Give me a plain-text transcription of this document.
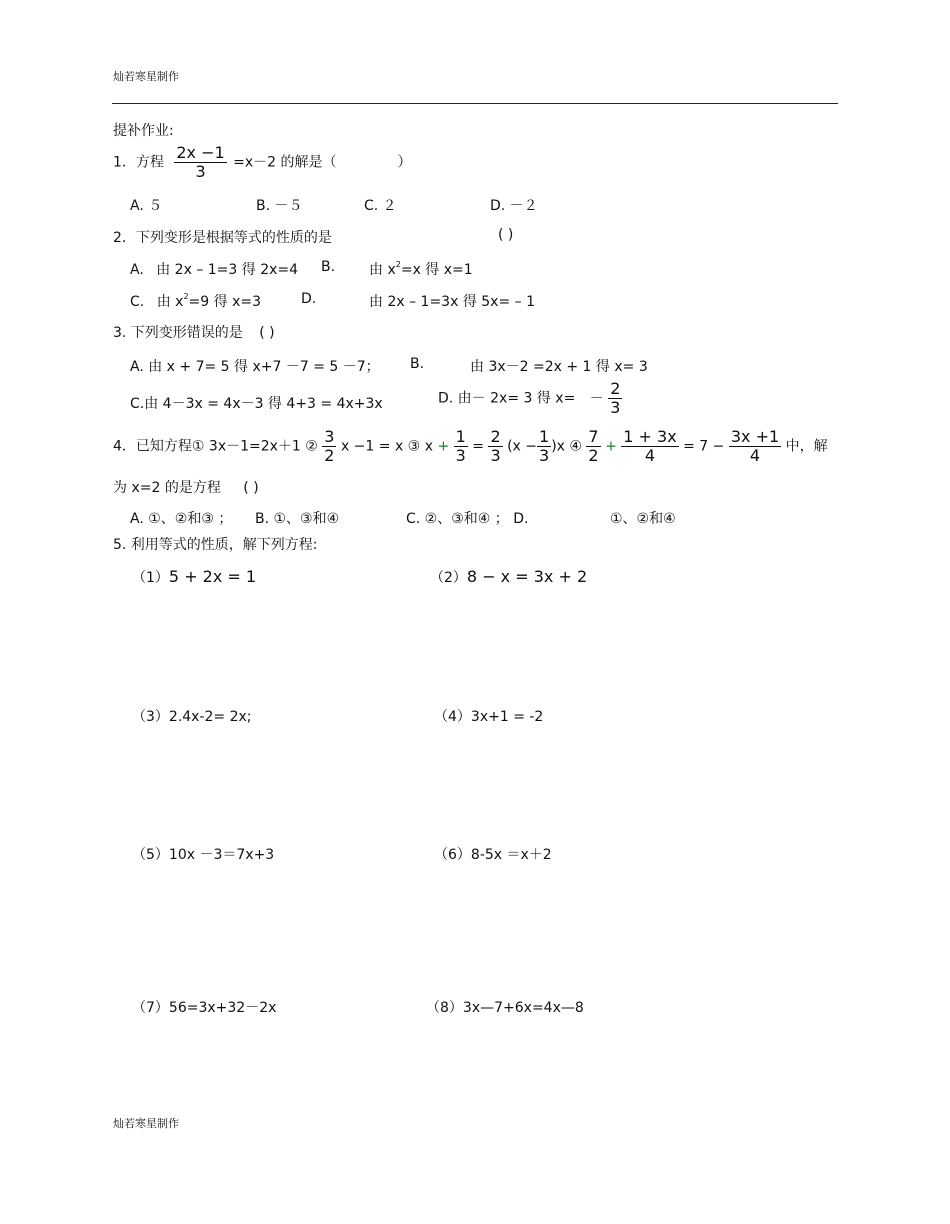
灿若寒星制作
提补作业:
1．方程 $\frac{2x -1}{3} =x-2$ 的解是（	）
A. ５	B. －５	C. ２	D. －２
2．下列变形是根据等式的性质的是	( )
A. 由 2x – 1=3 得 2x=4 B. 由 $x^2=x$ 得 x=1
C. 由 $x^2=9$ 得 x=3	D.	由 2x – 1=3x 得 5x= – 1
3. 下列变形错误的是 ( )
A. 由 x + 7= 5 得 x+7 －7 = 5 －7； B.	由 3x－2 =2x + 1 得 x= 3
C.由 4－3x = 4x－3 得 4+3 = 4x+3x	D. 由－ 2x= 3 得 $x= - \frac{2}{3}$
4．已知方程① 3x－1=2x＋1 ② $\frac{3}{2}$ x −1 = x ③ $x + \frac{1}{3} = \frac{2}{3} (x - \frac{1}{3} )x$ ④ $\frac{7}{2} + \frac{1 + 3x}{4} = 7 - \frac{3x +1}{4}$ 中，解
为 x=2 的是方程 ( )
A. ①、②和③ ； B. ①、③和④	C. ②、③和④ ； D.	①、②和④
5. 利用等式的性质，解下列方程:
（1）5 + 2x = 1	（2）8 − x = 3x + 2
（3）2.4x-2= 2x;	（4）3x+1 = -2
（5）10x －3＝7x+3	（6）8-5x ＝x＋2
（7）56=3x+32－2x	（8）3x—7+6x=4x—8
灿若寒星制作
